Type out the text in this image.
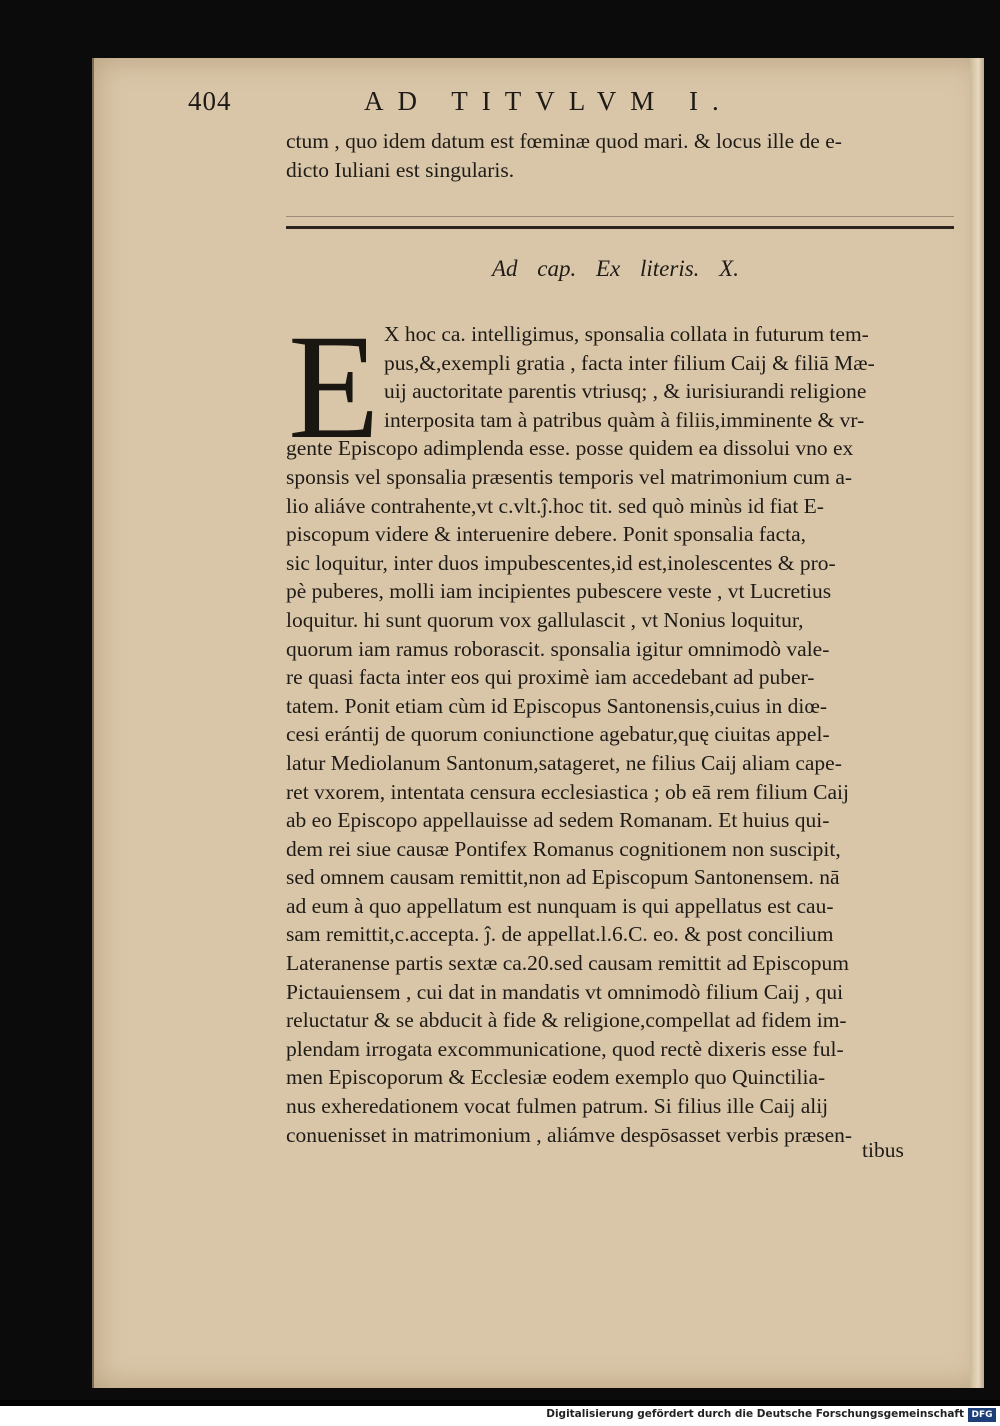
404	AD TITVLVM I.
ctum , quo idem datum est fœminæ quod mari. & locus ille de e-
dicto Iuliani est singularis.
Ad cap. Ex literis. X.
E X hoc ca. intelligimus, sponsalia collata in futurum tem-
pus,&,exempli gratia , facta inter filium Caij & filiā Mæ-
uij auctoritate parentis vtriusq; , & iurisiurandi religione
interposita tam à patribus quàm à filiis,imminente & vr-
gente Episcopo adimplenda esse. posse quidem ea dissolui vno ex
sponsis vel sponsalia præsentis temporis vel matrimonium cum a-
lio aliáve contrahente,vt c.vlt.ĵ.hoc tit. sed quò minùs id fiat E-
piscopum videre & interuenire debere. Ponit sponsalia facta,
sic loquitur, inter duos impubescentes,id est,inolescentes & pro-
pè puberes, molli iam incipientes pubescere veste , vt Lucretius
loquitur. hi sunt quorum vox gallulascit , vt Nonius loquitur,
quorum iam ramus roborascit. sponsalia igitur omnimodò vale-
re quasi facta inter eos qui proximè iam accedebant ad puber-
tatem. Ponit etiam cùm id Episcopus Santonensis,cuius in diœ-
cesi erántij de quorum coniunctione agebatur,quę ciuitas appel-
latur Mediolanum Santonum,satageret, ne filius Caij aliam cape-
ret vxorem, intentata censura ecclesiastica ; ob eā rem filium Caij
ab eo Episcopo appellauisse ad sedem Romanam. Et huius qui-
dem rei siue causæ Pontifex Romanus cognitionem non suscipit,
sed omnem causam remittit,non ad Episcopum Santonensem. nā
ad eum à quo appellatum est nunquam is qui appellatus est cau-
sam remittit,c.accepta. ĵ. de appellat.l.6.C. eo. & post concilium
Lateranense partis sextæ ca.20.sed causam remittit ad Episcopum
Pictauiensem , cui dat in mandatis vt omnimodò filium Caij , qui
reluctatur & se abducit à fide & religione,compellat ad fidem im-
plendam irrogata excommunicatione, quod rectè dixeris esse ful-
men Episcoporum & Ecclesiæ eodem exemplo quo Quinctilia-
nus exheredationem vocat fulmen patrum. Si filius ille Caij alij
conuenisset in matrimonium , aliámve despōsasset verbis præsen-
tibus
Digitalisierung gefördert durch die Deutsche Forschungsgemeinschaft DFG
